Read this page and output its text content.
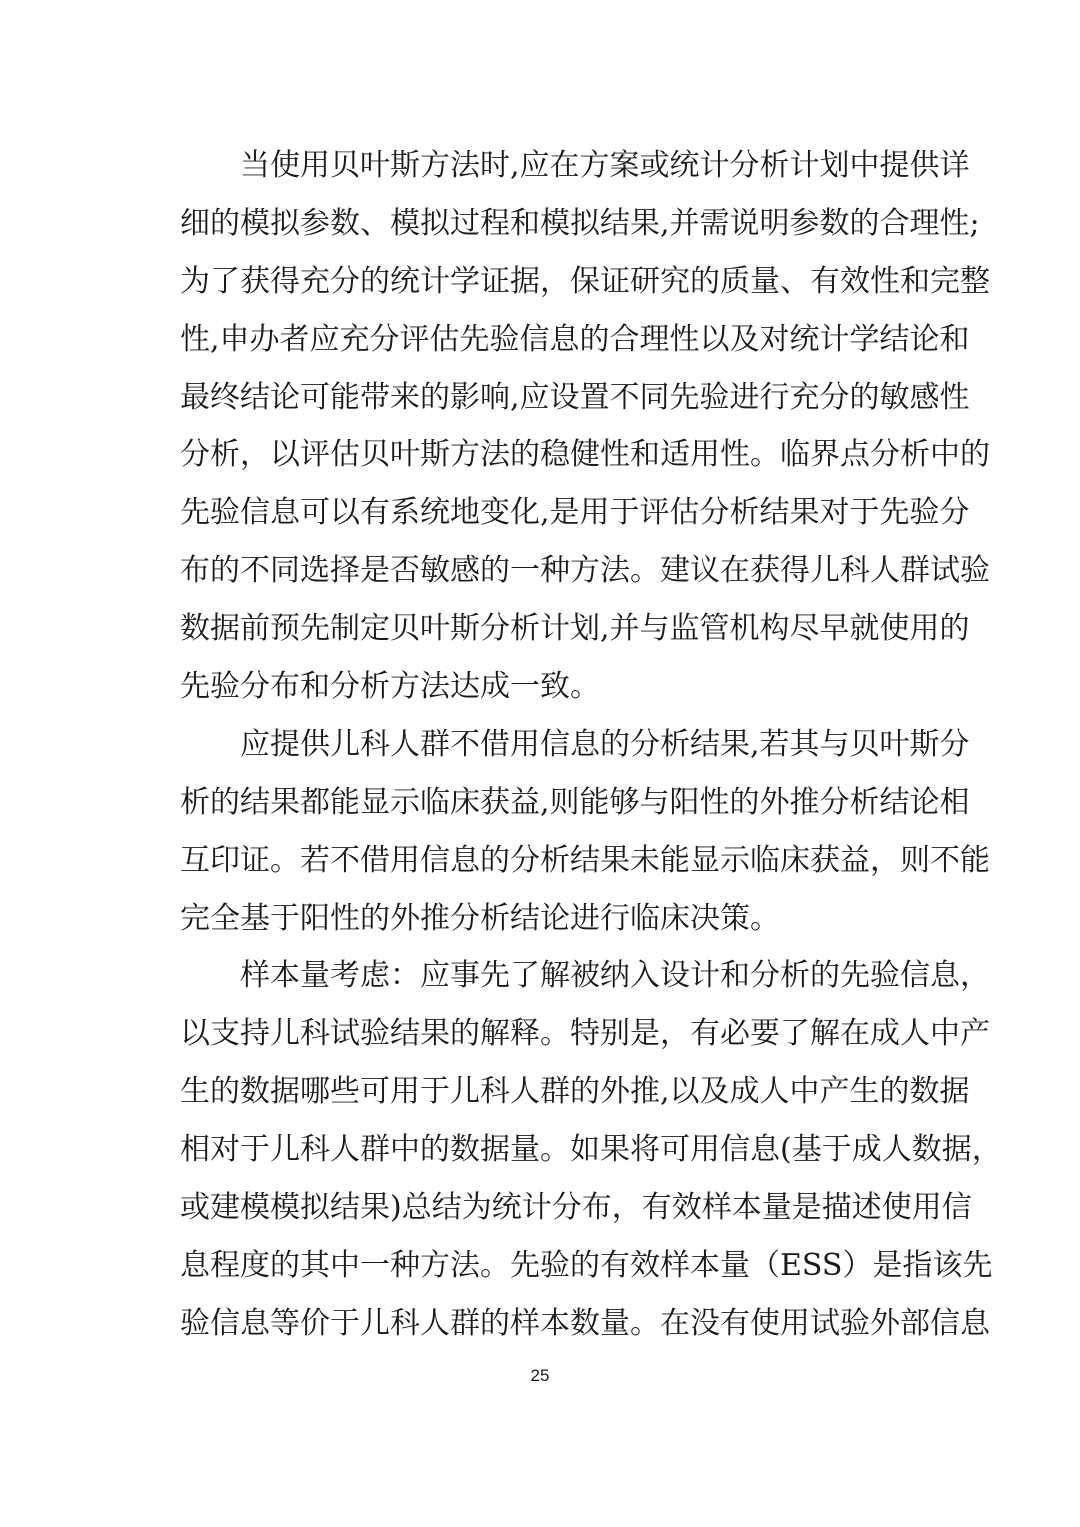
当使用贝叶斯方法时,应在方案或统计分析计划中提供详
细的模拟参数、模拟过程和模拟结果,并需说明参数的合理性;
为了获得充分的统计学证据，保证研究的质量、有效性和完整
性,申办者应充分评估先验信息的合理性以及对统计学结论和
最终结论可能带来的影响,应设置不同先验进行充分的敏感性
分析，以评估贝叶斯方法的稳健性和适用性。临界点分析中的
先验信息可以有系统地变化,是用于评估分析结果对于先验分
布的不同选择是否敏感的一种方法。建议在获得儿科人群试验
数据前预先制定贝叶斯分析计划,并与监管机构尽早就使用的
先验分布和分析方法达成一致。
应提供儿科人群不借用信息的分析结果,若其与贝叶斯分
析的结果都能显示临床获益,则能够与阳性的外推分析结论相
互印证。若不借用信息的分析结果未能显示临床获益，则不能
完全基于阳性的外推分析结论进行临床决策。
样本量考虑：应事先了解被纳入设计和分析的先验信息，
以支持儿科试验结果的解释。特别是，有必要了解在成人中产
生的数据哪些可用于儿科人群的外推,以及成人中产生的数据
相对于儿科人群中的数据量。如果将可用信息(基于成人数据，
或建模模拟结果)总结为统计分布，有效样本量是描述使用信
息程度的其中一种方法。先验的有效样本量（ESS）是指该先
验信息等价于儿科人群的样本数量。在没有使用试验外部信息
25
